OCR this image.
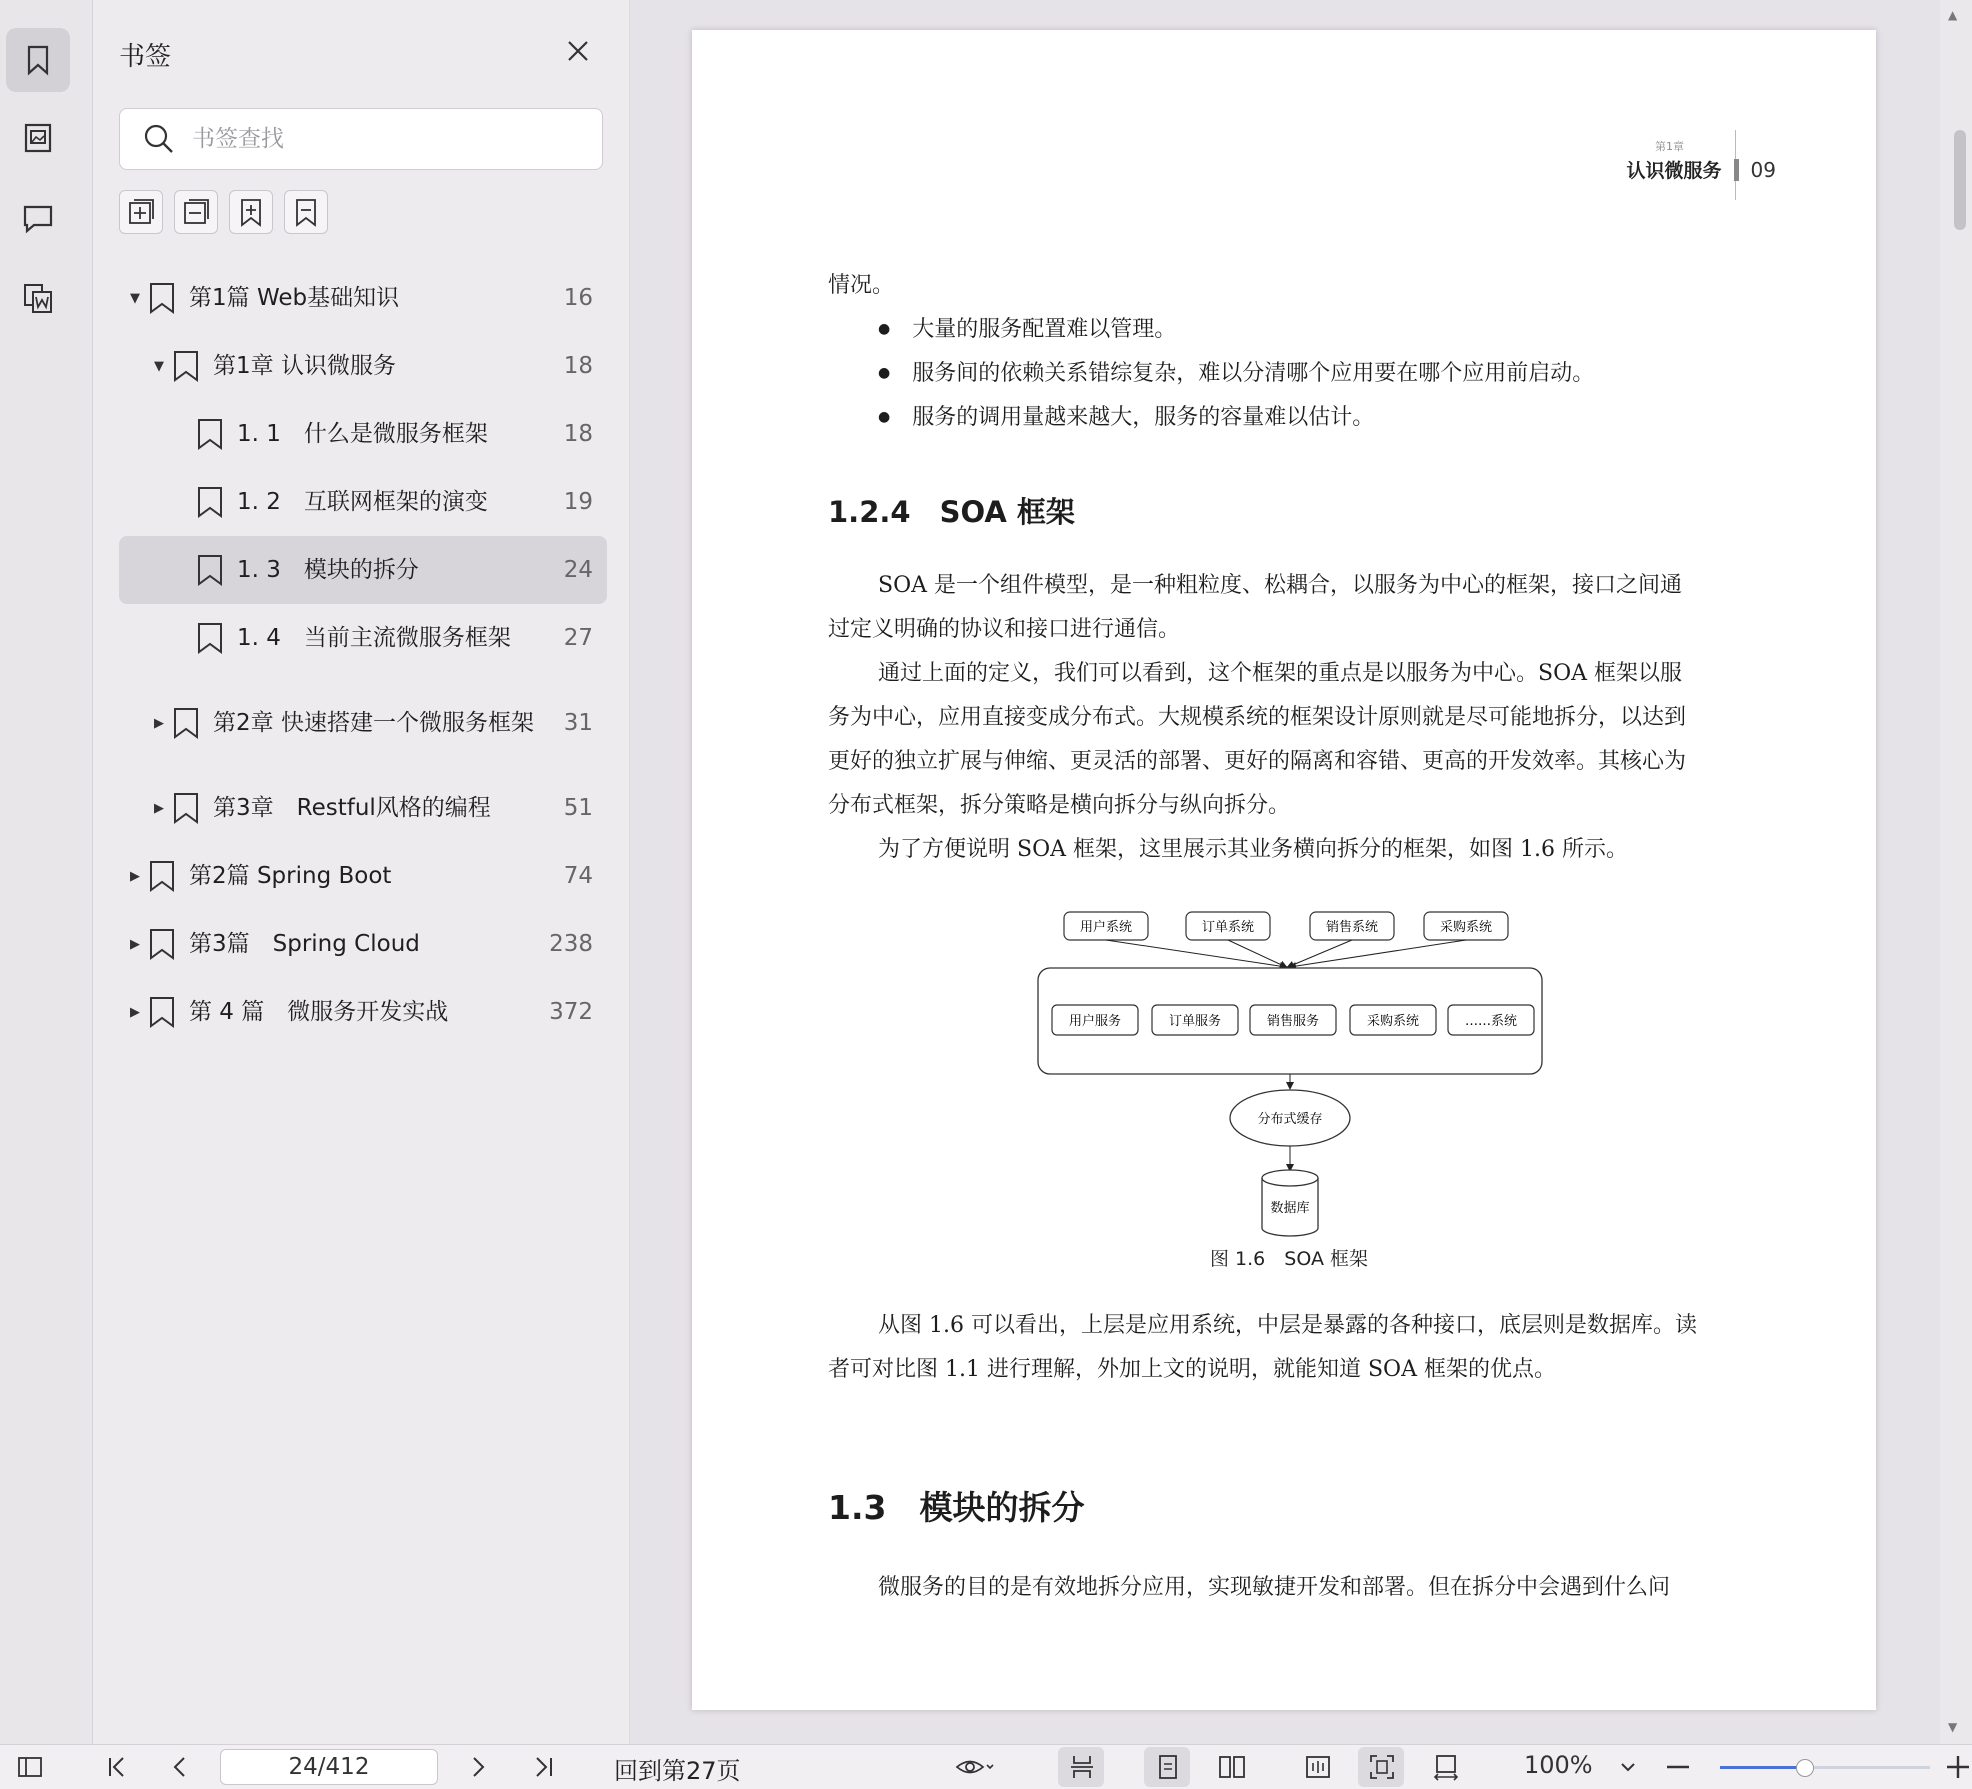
书签
书签查找
▼ 第1篇 Web基础知识	16
▼ 第1章 认识微服务	18
1. 1　什么是微服务框架	18
1. 2　互联网框架的演变	19
1. 3　模块的拆分	24
1. 4　当前主流微服务框架	27
▶ 第2章 快速搭建一个微服务框架	31
▶ 第3章　Restful风格的编程	51
▶ 第2篇 Spring Boot	74
▶ 第3篇　Spring Cloud	238
▶ 第 4 篇　微服务开发实战	372
第1章
认识微服务 09
情况。
● 大量的服务配置难以管理。
● 服务间的依赖关系错综复杂，难以分清哪个应用要在哪个应用前启动。
● 服务的调用量越来越大，服务的容量难以估计。
1.2.4　SOA 框架
SOA 是一个组件模型，是一种粗粒度、松耦合，以服务为中心的框架，接口之间通
过定义明确的协议和接口进行通信。
通过上面的定义，我们可以看到，这个框架的重点是以服务为中心。SOA 框架以服
务为中心，应用直接变成分布式。大规模系统的框架设计原则就是尽可能地拆分，以达到
更好的独立扩展与伸缩、更灵活的部署、更好的隔离和容错、更高的开发效率。其核心为
分布式框架，拆分策略是横向拆分与纵向拆分。
为了方便说明 SOA 框架，这里展示其业务横向拆分的框架，如图 1.6 所示。
从图 1.6 可以看出，上层是应用系统，中层是暴露的各种接口，底层则是数据库。读
者可对比图 1.1 进行理解，外加上文的说明，就能知道 SOA 框架的优点。
1.3　模块的拆分
微服务的目的是有效地拆分应用，实现敏捷开发和部署。但在拆分中会遇到什么问
用户系统	订单系统	销售系统	采购系统
用户服务	订单服务	销售服务	采购系统	……系统
分布式缓存
数据库
图 1.6　SOA 框架
▲
▼
24/412	回到第27页	100%
